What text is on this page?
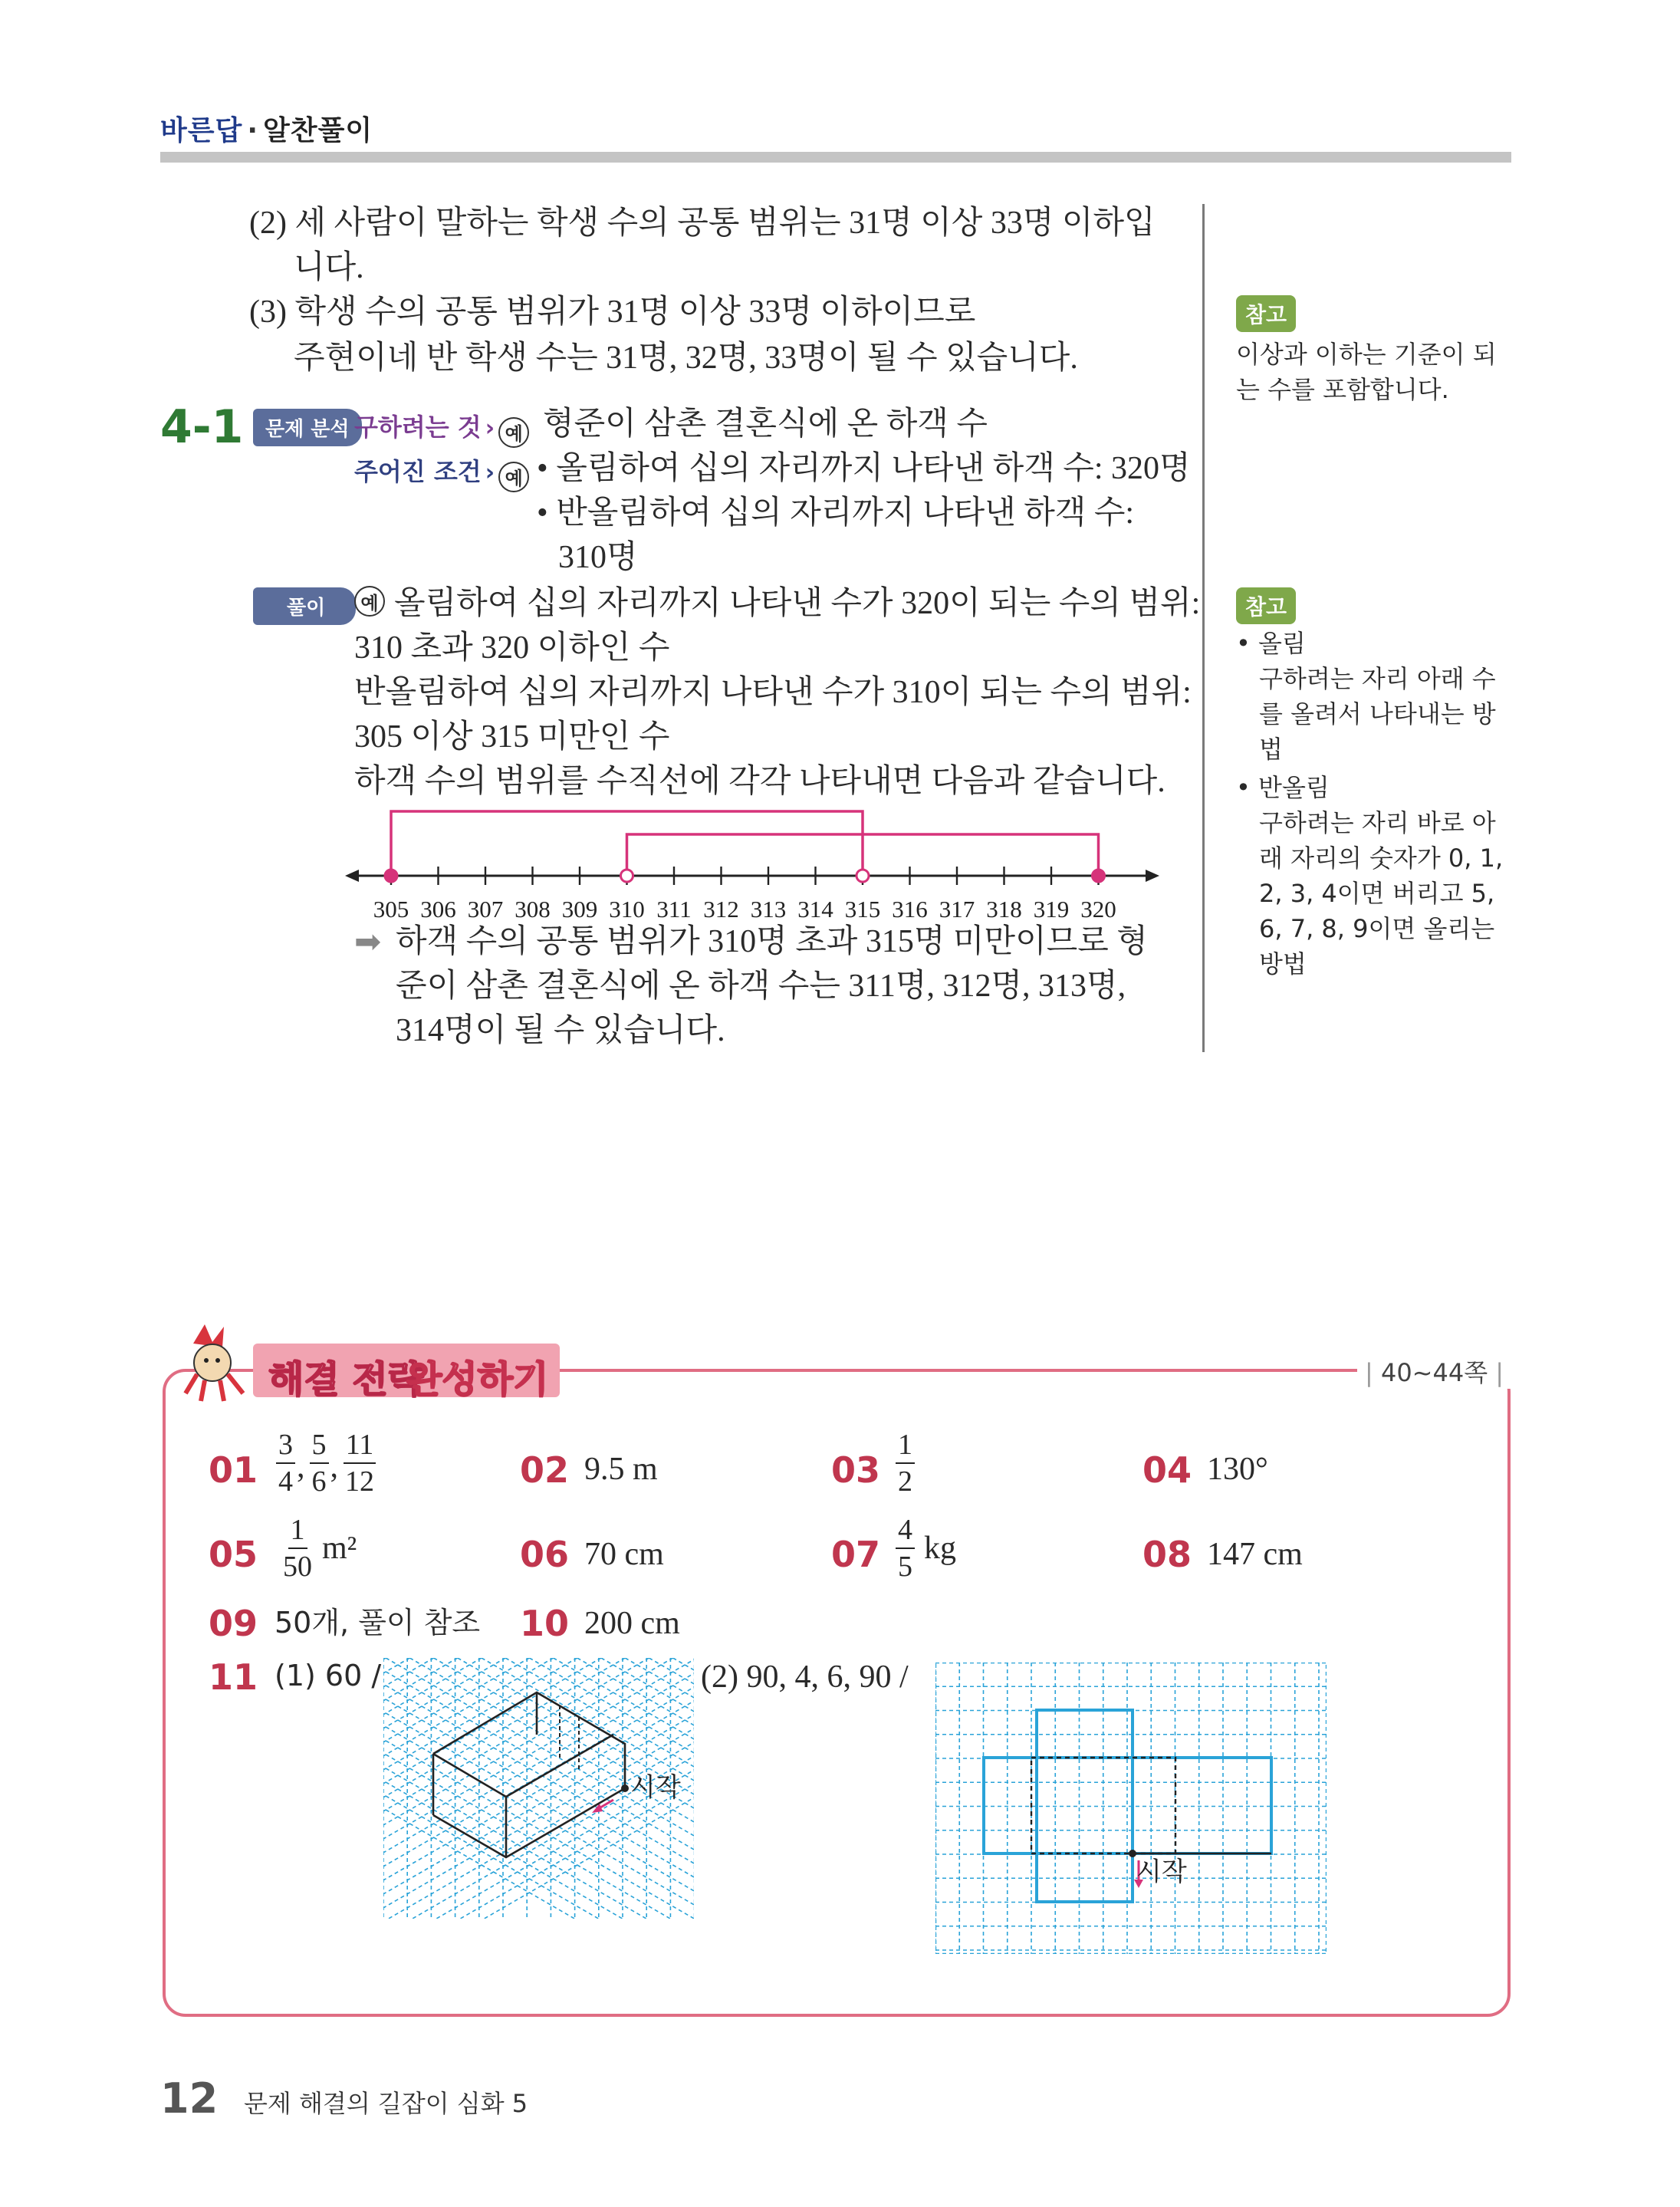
바른답 · 알찬풀이
(2) 세 사람이 말하는 학생 수의 공통 범위는 31명 이상 33명 이하입
니다.
(3) 학생 수의 공통 범위가 31명 이상 33명 이하이므로
주현이네 반 학생 수는 31명, 32명, 33명이 될 수 있습니다.
참고
이상과 이하는 기준이 되
는 수를 포함합니다.
4-1	문제 분석 구하려는 것 › 예 형준이 삼촌 결혼식에 온 하객 수
주어진 조건 › 예 • 올림하여 십의 자리까지 나타낸 하객 수: 320명
• 반올림하여 십의 자리까지 나타낸 하객 수:
310명
풀이	예 올림하여 십의 자리까지 나타낸 수가 320이 되는 수의 범위:
310 초과 320 이하인 수
반올림하여 십의 자리까지 나타낸 수가 310이 되는 수의 범위:
305 이상 315 미만인 수
하객 수의 범위를 수직선에 각각 나타내면 다음과 같습니다.
305 306 307 308 309 310 311 312 313 314 315 316 317 318 319 320
➡ 하객 수의 공통 범위가 310명 초과 315명 미만이므로 형
준이 삼촌 결혼식에 온 하객 수는 311명, 312명, 313명,
314명이 될 수 있습니다.
참고
• 올림
구하려는 자리 아래 수
를 올려서 나타내는 방
법
• 반올림
구하려는 자리 바로 아
래 자리의 숫자가 0, 1,
2, 3, 4이면 버리고 5,
6, 7, 8, 9이면 올리는
방법
해결 전략
완성하기	| 40~44쪽 |
$01 \frac{3}{4}$ , $\frac{5}{6}$ , $\frac{11}{12}$	02 9.5 m	$03 \frac{1}{2}$	04 130°
$05 \frac{1}{50} m^2$	06 70 cm	$07 \frac{4}{5}$ kg	08 147 cm
09 50개, 풀이 참조 10 200 cm
11 (1) 60 /	(2) 90, 4, 6, 90 /
시작
시작
12 문제 해결의 길잡이 심화 5
